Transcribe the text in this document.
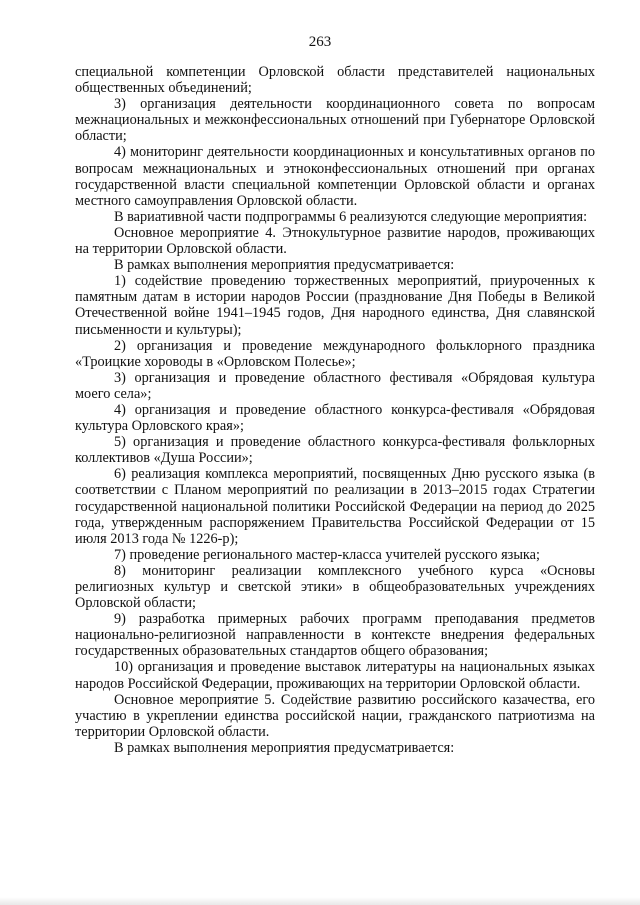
263

специальной компетенции Орловской области представителей национальных общественных объединений;

3) организация деятельности координационного совета по вопросам межнациональных и межконфессиональных отношений при Губернаторе Орловской области;

4) мониторинг деятельности координационных и консультативных органов по вопросам межнациональных и этноконфессиональных отношений при органах государственной власти специальной компетенции Орловской области и органах местного самоуправления Орловской области.

В вариативной части подпрограммы 6 реализуются следующие мероприятия:

Основное мероприятие 4. Этнокультурное развитие народов, проживающих на территории Орловской области.

В рамках выполнения мероприятия предусматривается:

1) содействие проведению торжественных мероприятий, приуроченных к памятным датам в истории народов России (празднование Дня Победы в Великой Отечественной войне 1941–1945 годов, Дня народного единства, Дня славянской письменности и культуры);

2) организация и проведение международного фольклорного праздника «Троицкие хороводы в «Орловском Полесье»;

3) организация и проведение областного фестиваля «Обрядовая культура моего села»;

4) организация и проведение областного конкурса-фестиваля «Обрядовая культура Орловского края»;

5) организация и проведение областного конкурса-фестиваля фольклорных коллективов «Душа России»;

6) реализация комплекса мероприятий, посвященных Дню русского языка (в соответствии с Планом мероприятий по реализации в 2013–2015 годах Стратегии государственной национальной политики Российской Федерации на период до 2025 года, утвержденным распоряжением Правительства Российской Федерации от 15 июля 2013 года № 1226-р);

7) проведение регионального мастер-класса учителей русского языка;

8) мониторинг реализации комплексного учебного курса «Основы религиозных культур и светской этики» в общеобразовательных учреждениях Орловской области;

9) разработка примерных рабочих программ преподавания предметов национально-религиозной направленности в контексте внедрения федеральных государственных образовательных стандартов общего образования;

10) организация и проведение выставок литературы на национальных языках народов Российской Федерации, проживающих на территории Орловской области.

Основное мероприятие 5. Содействие развитию российского казачества, его участию в укреплении единства российской нации, гражданского патриотизма на территории Орловской области.

В рамках выполнения мероприятия предусматривается:
